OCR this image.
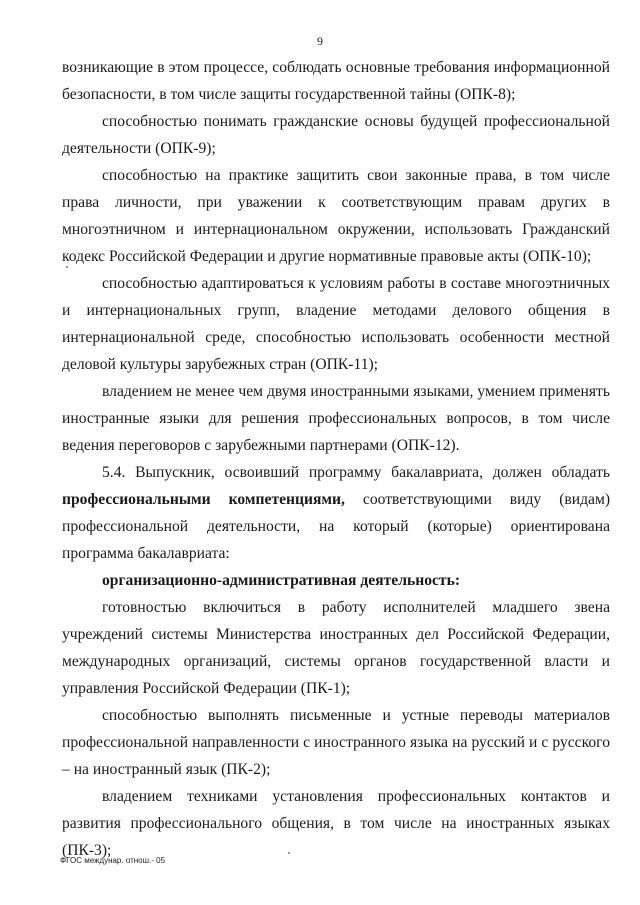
9

возникающие в этом процессе, соблюдать основные требования информационной безопасности, в том числе защиты государственной тайны (ОПК-8);

способностью понимать гражданские основы будущей профессиональной деятельности (ОПК-9);

способностью на практике защитить свои законные права, в том числе права личности, при уважении к соответствующим правам других в многоэтничном и интернациональном окружении, использовать Гражданский кодекс Российской Федерации и другие нормативные правовые акты (ОПК-10);

способностью адаптироваться к условиям работы в составе многоэтничных и интернациональных групп, владение методами делового общения в интернациональной среде, способностью использовать особенности местной деловой культуры зарубежных стран (ОПК-11);

владением не менее чем двумя иностранными языками, умением применять иностранные языки для решения профессиональных вопросов, в том числе ведения переговоров с зарубежными партнерами (ОПК-12).

5.4. Выпускник, освоивший программу бакалавриата, должен обладать профессиональными компетенциями, соответствующими виду (видам) профессиональной деятельности, на который (которые) ориентирована программа бакалавриата:

организационно-административная деятельность:

готовностью включиться в работу исполнителей младшего звена учреждений системы Министерства иностранных дел Российской Федерации, международных организаций, системы органов государственной власти и управления Российской Федерации (ПК-1);

способностью выполнять письменные и устные переводы материалов профессиональной направленности с иностранного языка на русский и с русского – на иностранный язык (ПК-2);

владением техниками установления профессиональных контактов и развития профессионального общения, в том числе на иностранных языках (ПК-3);

ФГОС междунар. отнош.- 05
